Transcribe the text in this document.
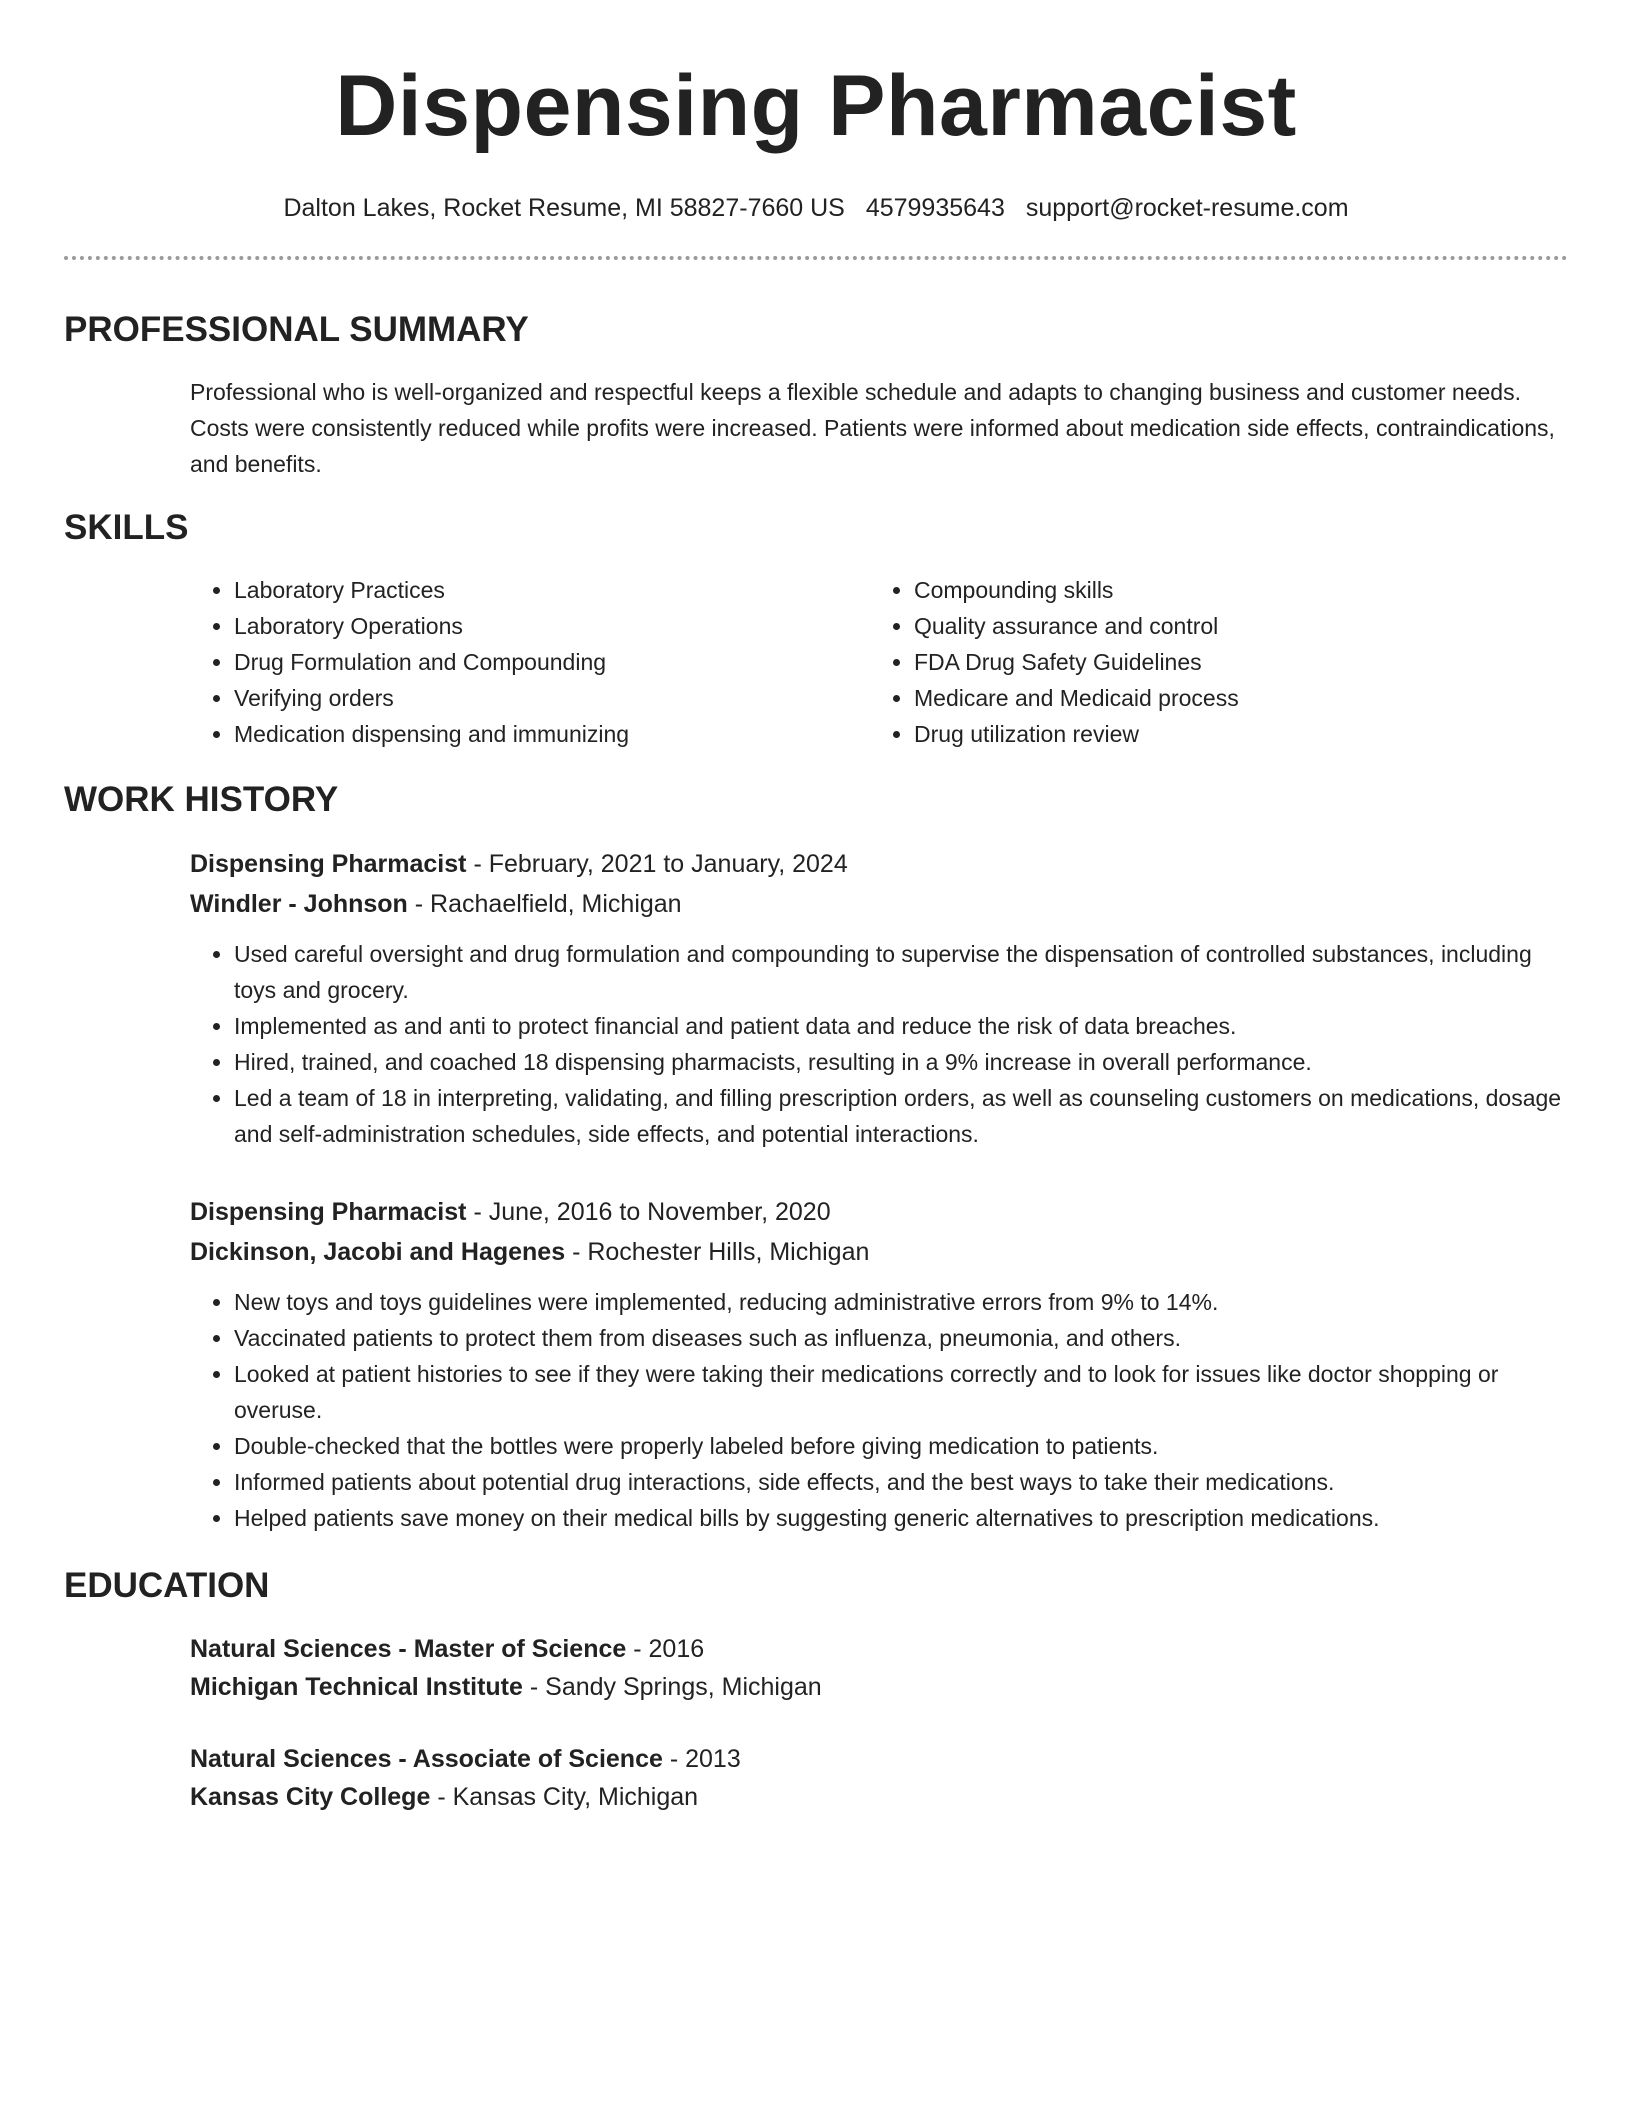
Dispensing Pharmacist
Dalton Lakes, Rocket Resume, MI 58827-7660 US 4579935643 support@rocket-resume.com
PROFESSIONAL SUMMARY

Professional who is well-organized and respectful keeps a flexible schedule and adapts to changing business and customer needs. Costs were consistently reduced while profits were increased. Patients were informed about medication side effects, contraindications, and benefits.

SKILLS
• Laboratory Practices
• Laboratory Operations
• Drug Formulation and Compounding
• Verifying orders
• Medication dispensing and immunizing
• Compounding skills
• Quality assurance and control
• FDA Drug Safety Guidelines
• Medicare and Medicaid process
• Drug utilization review
WORK HISTORY
Dispensing Pharmacist - February, 2021 to January, 2024
Windler - Johnson - Rachaelfield, Michigan
• Used careful oversight and drug formulation and compounding to supervise the dispensation of controlled substances, including toys and grocery.
• Implemented as and anti to protect financial and patient data and reduce the risk of data breaches.
• Hired, trained, and coached 18 dispensing pharmacists, resulting in a 9% increase in overall performance.
• Led a team of 18 in interpreting, validating, and filling prescription orders, as well as counseling customers on medications, dosage and self-administration schedules, side effects, and potential interactions.
Dispensing Pharmacist - June, 2016 to November, 2020
Dickinson, Jacobi and Hagenes - Rochester Hills, Michigan
• New toys and toys guidelines were implemented, reducing administrative errors from 9% to 14%.
• Vaccinated patients to protect them from diseases such as influenza, pneumonia, and others.
• Looked at patient histories to see if they were taking their medications correctly and to look for issues like doctor shopping or overuse.
• Double-checked that the bottles were properly labeled before giving medication to patients.
• Informed patients about potential drug interactions, side effects, and the best ways to take their medications.
• Helped patients save money on their medical bills by suggesting generic alternatives to prescription medications.
EDUCATION
Natural Sciences - Master of Science - 2016
Michigan Technical Institute - Sandy Springs, Michigan
Natural Sciences - Associate of Science - 2013
Kansas City College - Kansas City, Michigan
